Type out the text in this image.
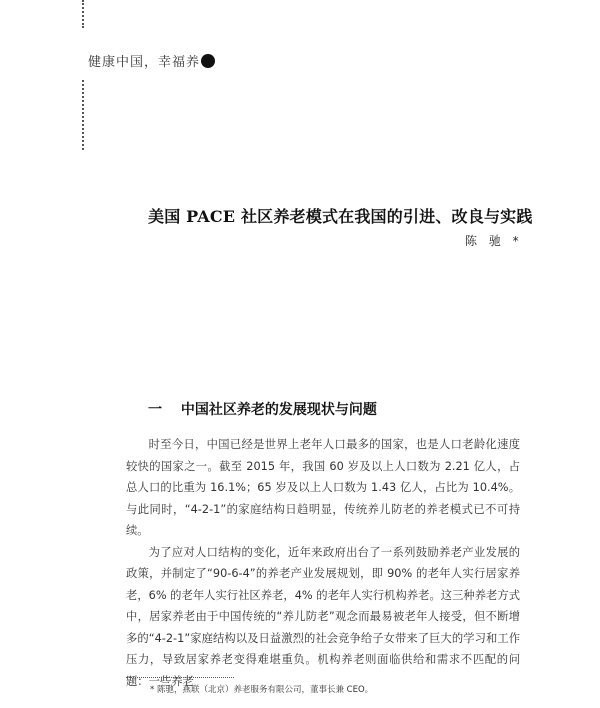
健康中国，幸福养
美国 PACE 社区养老模式在我国的引进、改良与实践
陈 驰 *
一 中国社区养老的发展现状与问题

时至今日，中国已经是世界上老年人口最多的国家，也是人口老龄化速度较快的国家之一。截至 2015 年，我国 60 岁及以上人口数为 2.21 亿人，占总人口的比重为 16.1%；65 岁及以上人口数为 1.43 亿人，占比为 10.4%。与此同时，“4-2-1”的家庭结构日趋明显，传统养儿防老的养老模式已不可持续。

为了应对人口结构的变化，近年来政府出台了一系列鼓励养老产业发展的政策，并制定了“90-6-4”的养老产业发展规划，即 90% 的老年人实行居家养老，6% 的老年人实行社区养老，4% 的老年人实行机构养老。这三种养老方式中，居家养老由于中国传统的“养儿防老”观念而最易被老年人接受，但不断增多的“4-2-1”家庭结构以及日益激烈的社会竞争给子女带来了巨大的学习和工作压力，导致居家养老变得难堪重负。机构养老则面临供给和需求不匹配的问题：一些养老

* 陈驰，燕联（北京）养老服务有限公司，董事长兼 CEO。
